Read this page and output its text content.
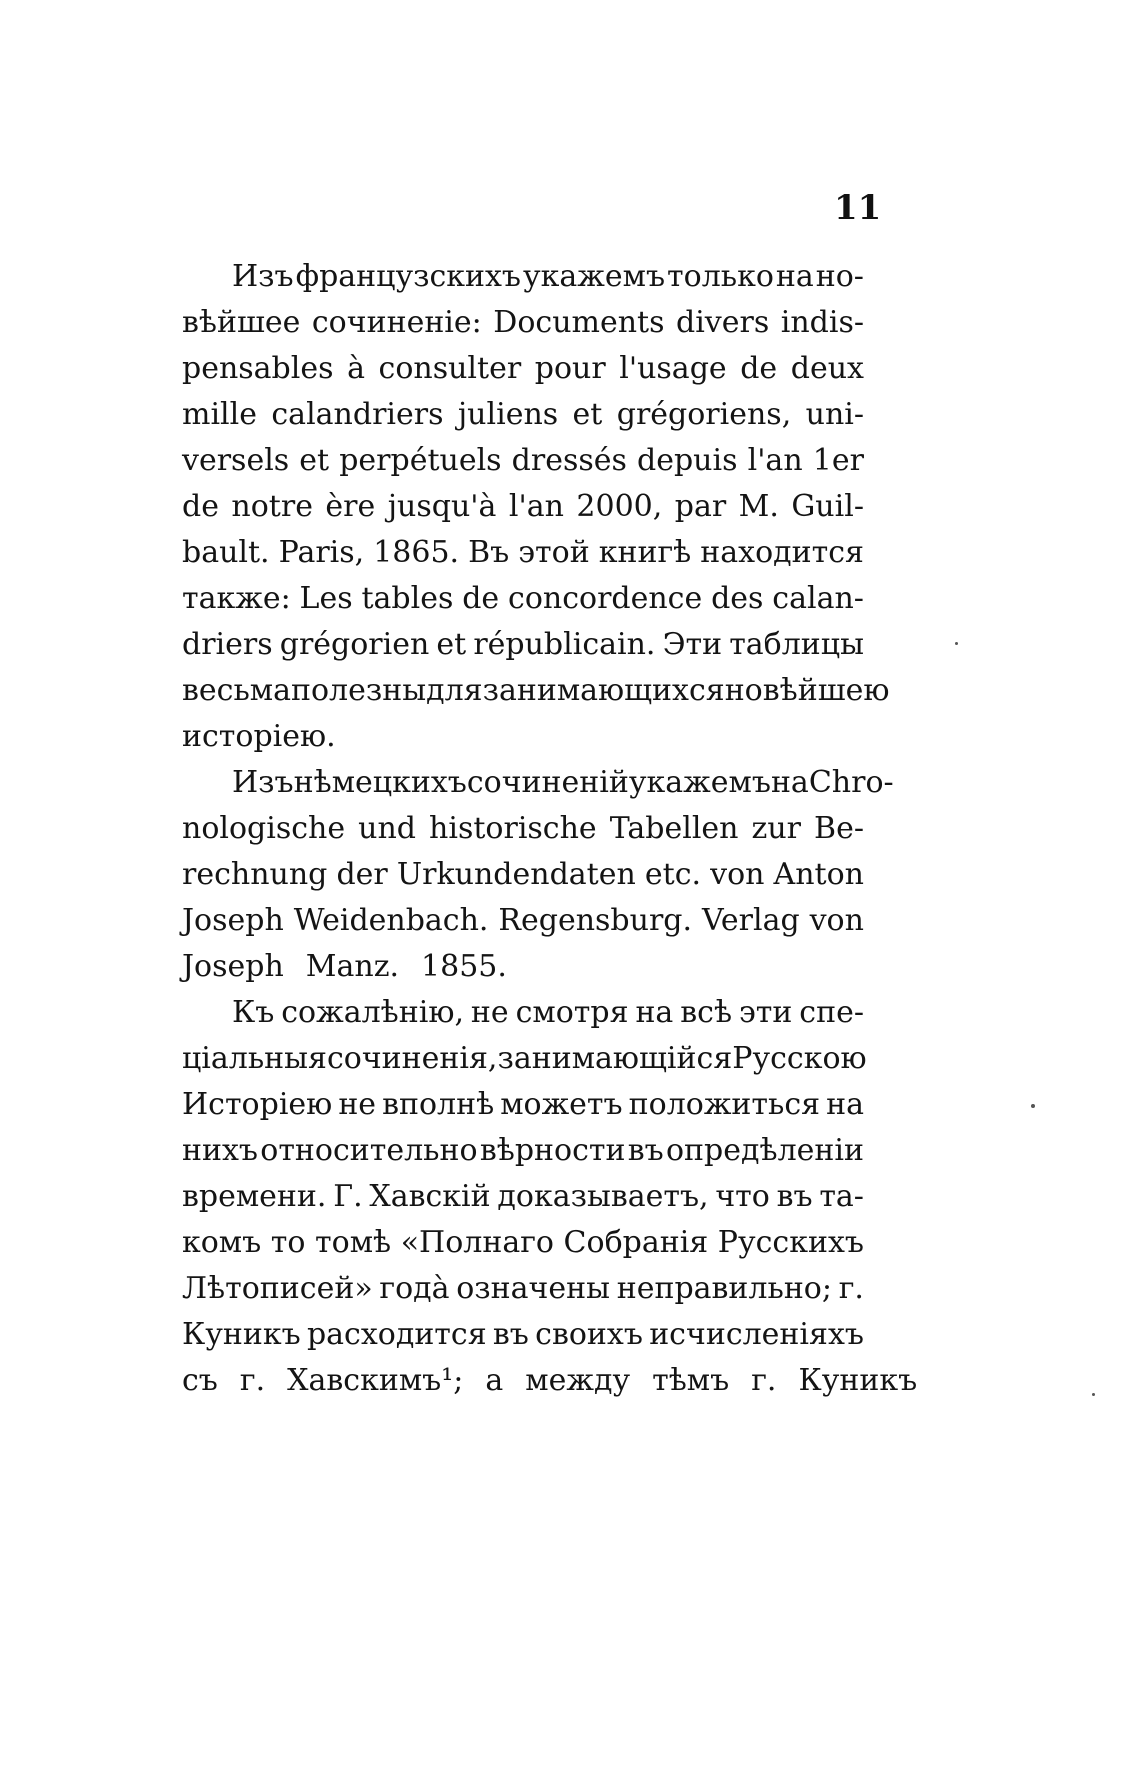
11
Изъ французскихъ укажемъ только на но-
вѣйшее сочиненіе: Documents divers indis-
pensables à consulter pour l'usage de deux
mille calandriers juliens et grégoriens, uni-
versels et perpétuels dressés depuis l'an 1er
de notre ère jusqu'à l'an 2000, par M. Guil-
bault. Paris, 1865. Въ этой книгѣ находится
также: Les tables de concordence des calan-
driers grégorien et républicain. Эти таблицы
весьма полезны для занимающихся новѣйшею
исторіею.
Изъ нѣмецкихъ сочиненій укажемъ на Chro-
nologische und historische Tabellen zur Be-
rechnung der Urkundendaten etc. von Anton
Joseph Weidenbach. Regensburg. Verlag von
Joseph Manz. 1855.
Къ сожалѣнію, не смотря на всѣ эти спе-
ціальныя сочиненія, занимающійся Русскою
Исторіею не вполнѣ можетъ положиться на
нихъ относительно вѣрности въ опредѣленіи
времени. Г. Хавскій доказываетъ, что въ та-
комъ то томѣ «Полнаго Собранія Русскихъ
Лѣтописей» годà означены неправильно; г.
Куникъ расходится въ своихъ исчисленіяхъ
съ г. Хавскимъ¹; а между тѣмъ г. Куникъ
